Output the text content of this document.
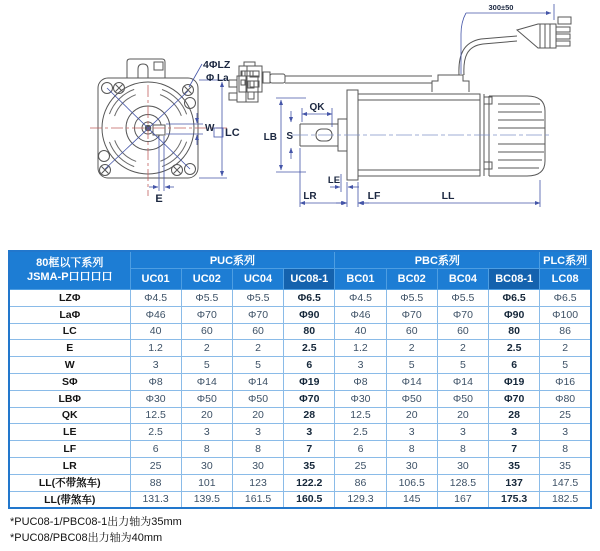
4ΦLZ
Φ La
W LC
E
300±50
QK
S
LB
LE
LR	LF	LL
80框以下系列
JSMA-P口口口口	PUC系列				PBC系列				PLC系列
	UC01	UC02	UC04	UC08-1	BC01	BC02	BC04	BC08-1	LC08
LZΦ	Φ4.5	Φ5.5	Φ5.5	Φ6.5	Φ4.5	Φ5.5	Φ5.5	Φ6.5	Φ6.5
LaΦ	Φ46	Φ70	Φ70	Φ90	Φ46	Φ70	Φ70	Φ90	Φ100
LC	40	60	60	80	40	60	60	80	86
E	1.2	2	2	2.5	1.2	2	2	2.5	2
W	3	5	5	6	3	5	5	6	5
SΦ	Φ8	Φ14	Φ14	Φ19	Φ8	Φ14	Φ14	Φ19	Φ16
LBΦ	Φ30	Φ50	Φ50	Φ70	Φ30	Φ50	Φ50	Φ70	Φ80
QK	12.5	20	20	28	12.5	20	20	28	25
LE	2.5	3	3	3	2.5	3	3	3	3
LF	6	8	8	7	6	8	8	7	8
LR	25	30	30	35	25	30	30	35	35
LL(不带煞车)	88	101	123	122.2	86	106.5	128.5	137	147.5
LL(带煞车)	131.3	139.5	161.5	160.5	129.3	145	167	175.3	182.5
*PUC08-1/PBC08-1出力轴为35mm
*PUC08/PBC08出力轴为40mm
